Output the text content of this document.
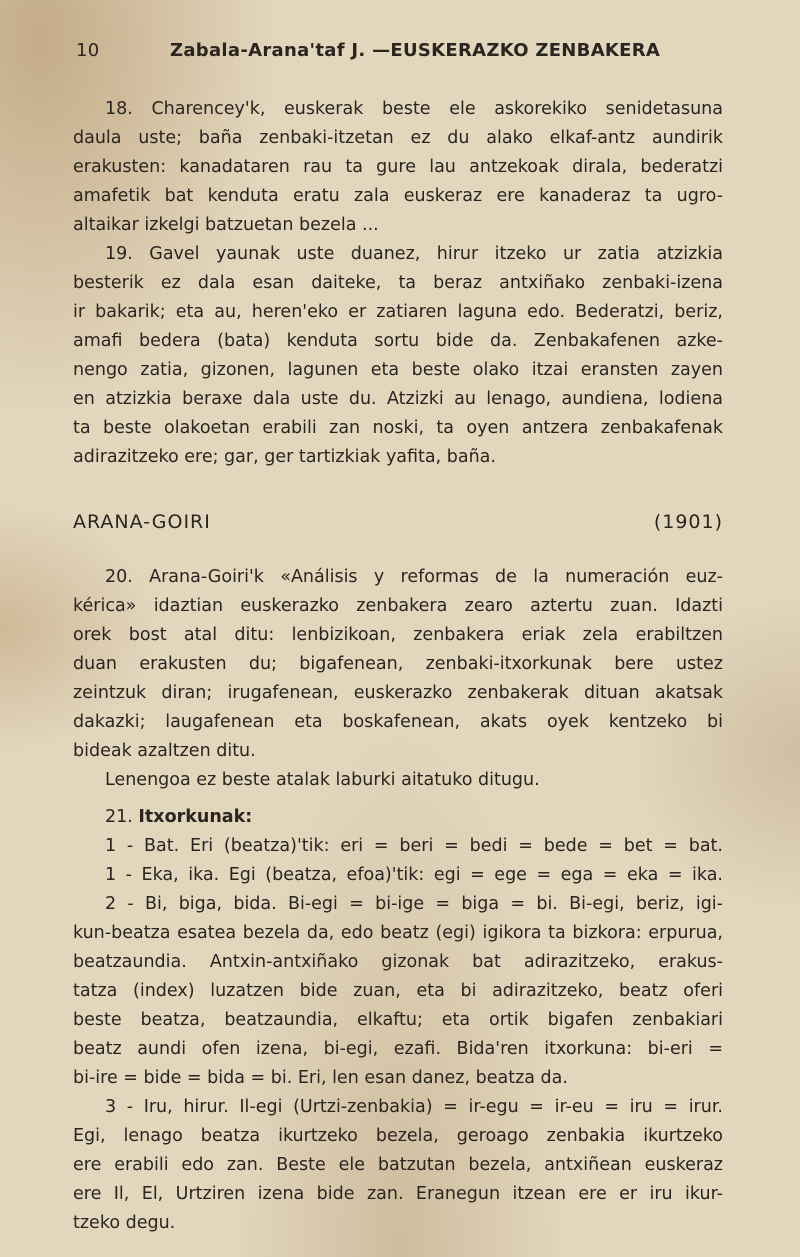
10	Zabala-Arana'taf J. —EUSKERAZKO ZENBAKERA

18. Charencey'k, euskerak beste ele askorekiko senidetasuna

daula uste; baña zenbaki-itzetan ez du alako elkaf-antz aundirik

erakusten: kanadataren rau ta gure lau antzekoak dirala, bederatzi

amafetik bat kenduta eratu zala euskeraz ere kanaderaz ta ugro-

altaikar izkelgi batzuetan bezela ...

19. Gavel yaunak uste duanez, hirur itzeko ur zatia atzizkia

besterik ez dala esan daiteke, ta beraz antxiñako zenbaki-izena

ir bakarik; eta au, heren'eko er zatiaren laguna edo. Bederatzi, beriz,

amafi bedera (bata) kenduta sortu bide da. Zenbakafenen azke-

nengo zatia, gizonen, lagunen eta beste olako itzai eransten zayen

en atzizkia beraxe dala uste du. Atzizki au lenago, aundiena, lodiena

ta beste olakoetan erabili zan noski, ta oyen antzera zenbakafenak

adirazitzeko ere; gar, ger tartizkiak yafita, baña.

ARANA-GOIRI (1901)

20. Arana-Goiri'k «Análisis y reformas de la numeración euz-

kérica» idaztian euskerazko zenbakera zearo aztertu zuan. Idazti

orek bost atal ditu: lenbizikoan, zenbakera eriak zela erabiltzen

duan erakusten du; bigafenean, zenbaki-itxorkunak bere ustez

zeintzuk diran; irugafenean, euskerazko zenbakerak dituan akatsak

dakazki; laugafenean eta boskafenean, akats oyek kentzeko bi

bideak azaltzen ditu.

Lenengoa ez beste atalak laburki aitatuko ditugu.

21. Itxorkunak:

1 - Bat. Eri (beatza)'tik: eri = beri = bedi = bede = bet = bat.

1 - Eka, ika. Egi (beatza, efoa)'tik: egi = ege = ega = eka = ika.

2 - Bi, biga, bida. Bi-egi = bi-ige = biga = bi. Bi-egi, beriz, igi-

kun-beatza esatea bezela da, edo beatz (egi) igikora ta bizkora: erpurua,

beatzaundia. Antxin-antxiñako gizonak bat adirazitzeko, erakus-

tatza (index) luzatzen bide zuan, eta bi adirazitzeko, beatz oferi

beste beatza, beatzaundia, elkaftu; eta ortik bigafen zenbakiari

beatz aundi ofen izena, bi-egi, ezafi. Bida'ren itxorkuna: bi-eri =

bi-ire = bide = bida = bi. Eri, len esan danez, beatza da.

3 - Iru, hirur. Il-egi (Urtzi-zenbakia) = ir-egu = ir-eu = iru = irur.

Egi, lenago beatza ikurtzeko bezela, geroago zenbakia ikurtzeko

ere erabili edo zan. Beste ele batzutan bezela, antxiñean euskeraz

ere Il, El, Urtziren izena bide zan. Eranegun itzean ere er iru ikur-

tzeko degu.
